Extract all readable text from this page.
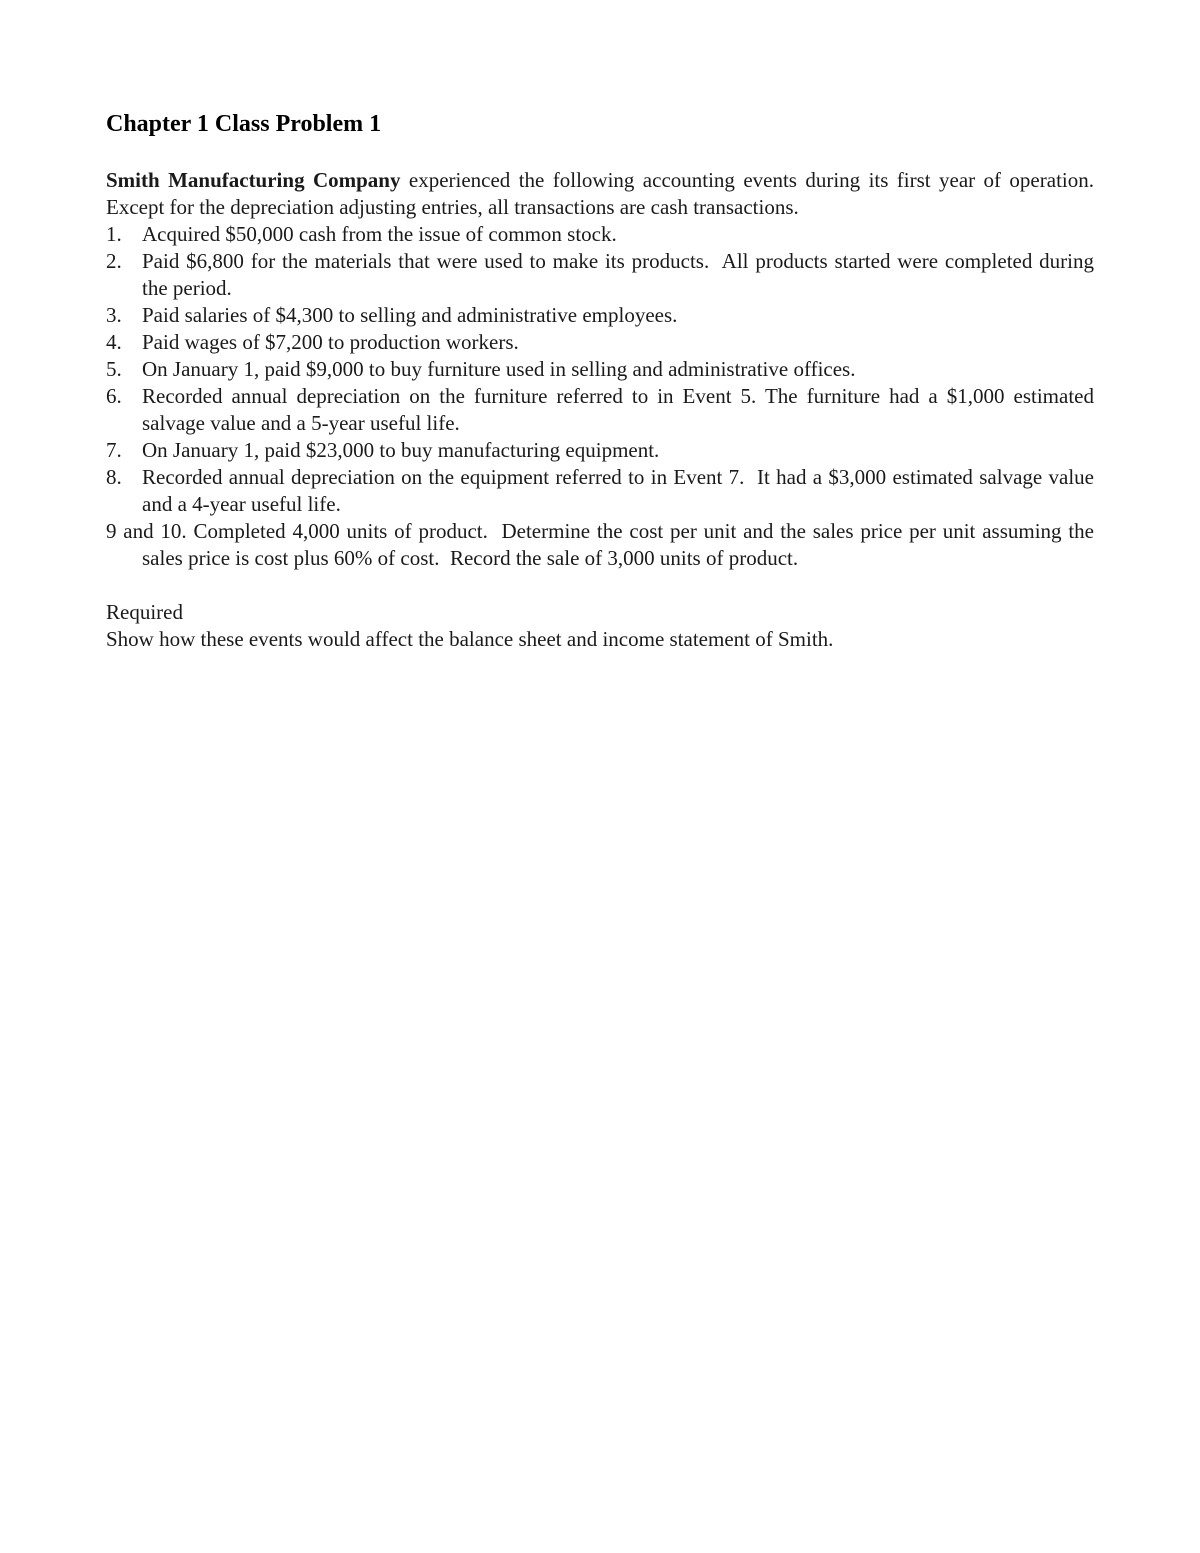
Chapter 1 Class Problem 1

Smith Manufacturing Company experienced the following accounting events during its first year of operation.  Except for the depreciation adjusting entries, all transactions are cash transactions.

1. Acquired $50,000 cash from the issue of common stock.
2. Paid $6,800 for the materials that were used to make its products.  All products started were completed during the period.
3. Paid salaries of $4,300 to selling and administrative employees.
4. Paid wages of $7,200 to production workers.
5. On January 1, paid $9,000 to buy furniture used in selling and administrative offices.
6. Recorded annual depreciation on the furniture referred to in Event 5. The furniture had a $1,000 estimated salvage value and a 5-year useful life.
7. On January 1, paid $23,000 to buy manufacturing equipment.
8. Recorded annual depreciation on the equipment referred to in Event 7.  It had a $3,000 estimated salvage value and a 4-year useful life.
9 and 10. Completed 4,000 units of product.  Determine the cost per unit and the sales price per unit assuming the sales price is cost plus 60% of cost.  Record the sale of 3,000 units of product.
Required
Show how these events would affect the balance sheet and income statement of Smith.
